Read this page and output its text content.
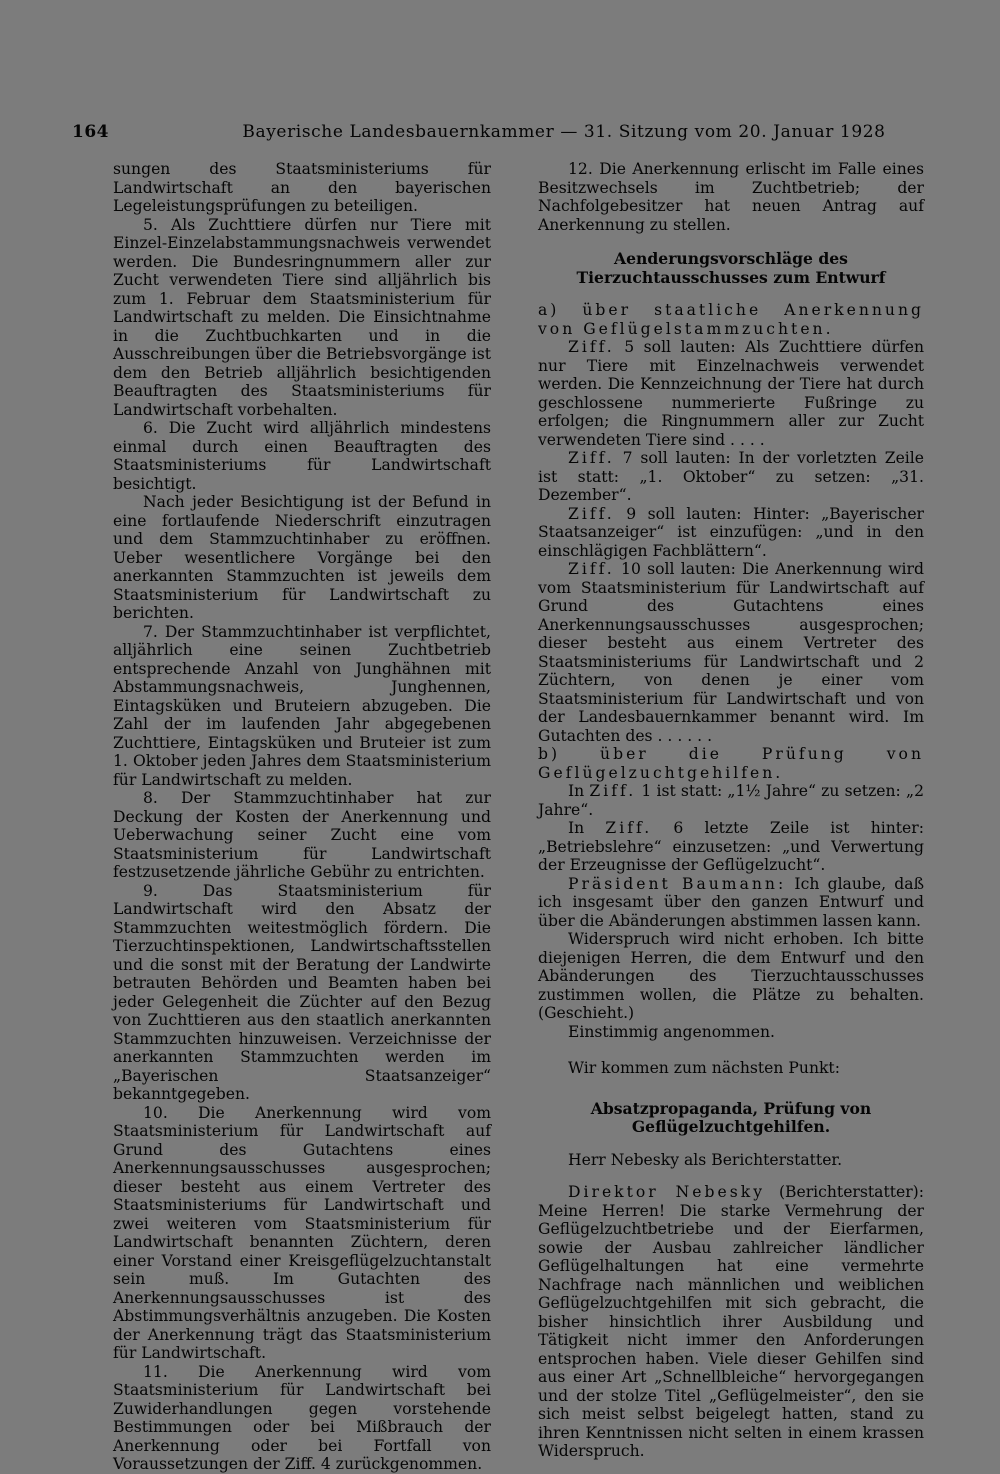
164	Bayerische Landesbauernkammer — 31. Sitzung vom 20. Januar 1928

sungen des Staatsministeriums für Landwirtschaft an den bayerischen Legeleistungsprüfungen zu beteiligen.

5. Als Zuchttiere dürfen nur Tiere mit Einzel-Einzelabstammungsnachweis verwendet werden. Die Bundesringnummern aller zur Zucht verwendeten Tiere sind alljährlich bis zum 1. Februar dem Staatsministerium für Landwirtschaft zu melden. Die Einsichtnahme in die Zuchtbuchkarten und in die Ausschreibungen über die Betriebsvorgänge ist dem den Betrieb alljährlich besichtigenden Beauftragten des Staatsministeriums für Landwirtschaft vorbehalten.

6. Die Zucht wird alljährlich mindestens einmal durch einen Beauftragten des Staatsministeriums für Landwirtschaft besichtigt.

Nach jeder Besichtigung ist der Befund in eine fortlaufende Niederschrift einzutragen und dem Stammzuchtinhaber zu eröffnen. Ueber wesentlichere Vorgänge bei den anerkannten Stammzuchten ist jeweils dem Staatsministerium für Landwirtschaft zu berichten.

7. Der Stammzuchtinhaber ist verpflichtet, alljährlich eine seinen Zuchtbetrieb entsprechende Anzahl von Junghähnen mit Abstammungsnachweis, Junghennen, Eintagsküken und Bruteiern abzugeben. Die Zahl der im laufenden Jahr abgegebenen Zuchttiere, Eintagsküken und Bruteier ist zum 1. Oktober jeden Jahres dem Staatsministerium für Landwirtschaft zu melden.

8. Der Stammzuchtinhaber hat zur Deckung der Kosten der Anerkennung und Ueberwachung seiner Zucht eine vom Staatsministerium für Landwirtschaft festzusetzende jährliche Gebühr zu entrichten.

9. Das Staatsministerium für Landwirtschaft wird den Absatz der Stammzuchten weitestmöglich fördern. Die Tierzuchtinspektionen, Landwirtschaftsstellen und die sonst mit der Beratung der Landwirte betrauten Behörden und Beamten haben bei jeder Gelegenheit die Züchter auf den Bezug von Zuchttieren aus den staatlich anerkannten Stammzuchten hinzuweisen. Verzeichnisse der anerkannten Stammzuchten werden im „Bayerischen Staatsanzeiger“ bekanntgegeben.

10. Die Anerkennung wird vom Staatsministerium für Landwirtschaft auf Grund des Gutachtens eines Anerkennungsausschusses ausgesprochen; dieser besteht aus einem Vertreter des Staatsministeriums für Landwirtschaft und zwei weiteren vom Staatsministerium für Landwirtschaft benannten Züchtern, deren einer Vorstand einer Kreisgeflügelzuchtanstalt sein muß. Im Gutachten des Anerkennungsausschusses ist des Abstimmungsverhältnis anzugeben. Die Kosten der Anerkennung trägt das Staatsministerium für Landwirtschaft.

11. Die Anerkennung wird vom Staatsministerium für Landwirtschaft bei Zuwiderhandlungen gegen vorstehende Bestimmungen oder bei Mißbrauch der Anerkennung oder bei Fortfall von Voraussetzungen der Ziff. 4 zurückgenommen.

12. Die Anerkennung erlischt im Falle eines Besitzwechsels im Zuchtbetrieb; der Nachfolgebesitzer hat neuen Antrag auf Anerkennung zu stellen.

Aenderungsvorschläge des Tierzuchtausschusses zum Entwurf

a) über staatliche Anerkennung von Geflügelstammzuchten.

Ziff. 5 soll lauten: Als Zuchttiere dürfen nur Tiere mit Einzelnachweis verwendet werden. Die Kennzeichnung der Tiere hat durch geschlossene nummerierte Fußringe zu erfolgen; die Ringnummern aller zur Zucht verwendeten Tiere sind . . . .

Ziff. 7 soll lauten: In der vorletzten Zeile ist statt: „1. Oktober“ zu setzen: „31. Dezember“.

Ziff. 9 soll lauten: Hinter: „Bayerischer Staatsanzeiger“ ist einzufügen: „und in den einschlägigen Fachblättern“.

Ziff. 10 soll lauten: Die Anerkennung wird vom Staatsministerium für Landwirtschaft auf Grund des Gutachtens eines Anerkennungsausschusses ausgesprochen; dieser besteht aus einem Vertreter des Staatsministeriums für Landwirtschaft und 2 Züchtern, von denen je einer vom Staatsministerium für Landwirtschaft und von der Landesbauernkammer benannt wird. Im Gutachten des . . . . . .

b) über die Prüfung von Geflügelzuchtgehilfen.

In Ziff. 1 ist statt: „1½ Jahre“ zu setzen: „2 Jahre“.

In Ziff. 6 letzte Zeile ist hinter: „Betriebslehre“ einzusetzen: „und Verwertung der Erzeugnisse der Geflügelzucht“.

Präsident Baumann: Ich glaube, daß ich insgesamt über den ganzen Entwurf und über die Abänderungen abstimmen lassen kann.

Widerspruch wird nicht erhoben. Ich bitte diejenigen Herren, die dem Entwurf und den Abänderungen des Tierzuchtausschusses zustimmen wollen, die Plätze zu behalten. (Geschieht.)

Einstimmig angenommen.

Wir kommen zum nächsten Punkt:

Absatzpropaganda, Prüfung von Geflügelzuchtgehilfen.

Herr Nebesky als Berichterstatter.

Direktor Nebesky (Berichterstatter): Meine Herren! Die starke Vermehrung der Geflügelzuchtbetriebe und der Eierfarmen, sowie der Ausbau zahlreicher ländlicher Geflügelhaltungen hat eine vermehrte Nachfrage nach männlichen und weiblichen Geflügelzuchtgehilfen mit sich gebracht, die bisher hinsichtlich ihrer Ausbildung und Tätigkeit nicht immer den Anforderungen entsprochen haben. Viele dieser Gehilfen sind aus einer Art „Schnellbleiche“ hervorgegangen und der stolze Titel „Geflügelmeister“, den sie sich meist selbst beigelegt hatten, stand zu ihren Kenntnissen nicht selten in einem krassen Widerspruch.
